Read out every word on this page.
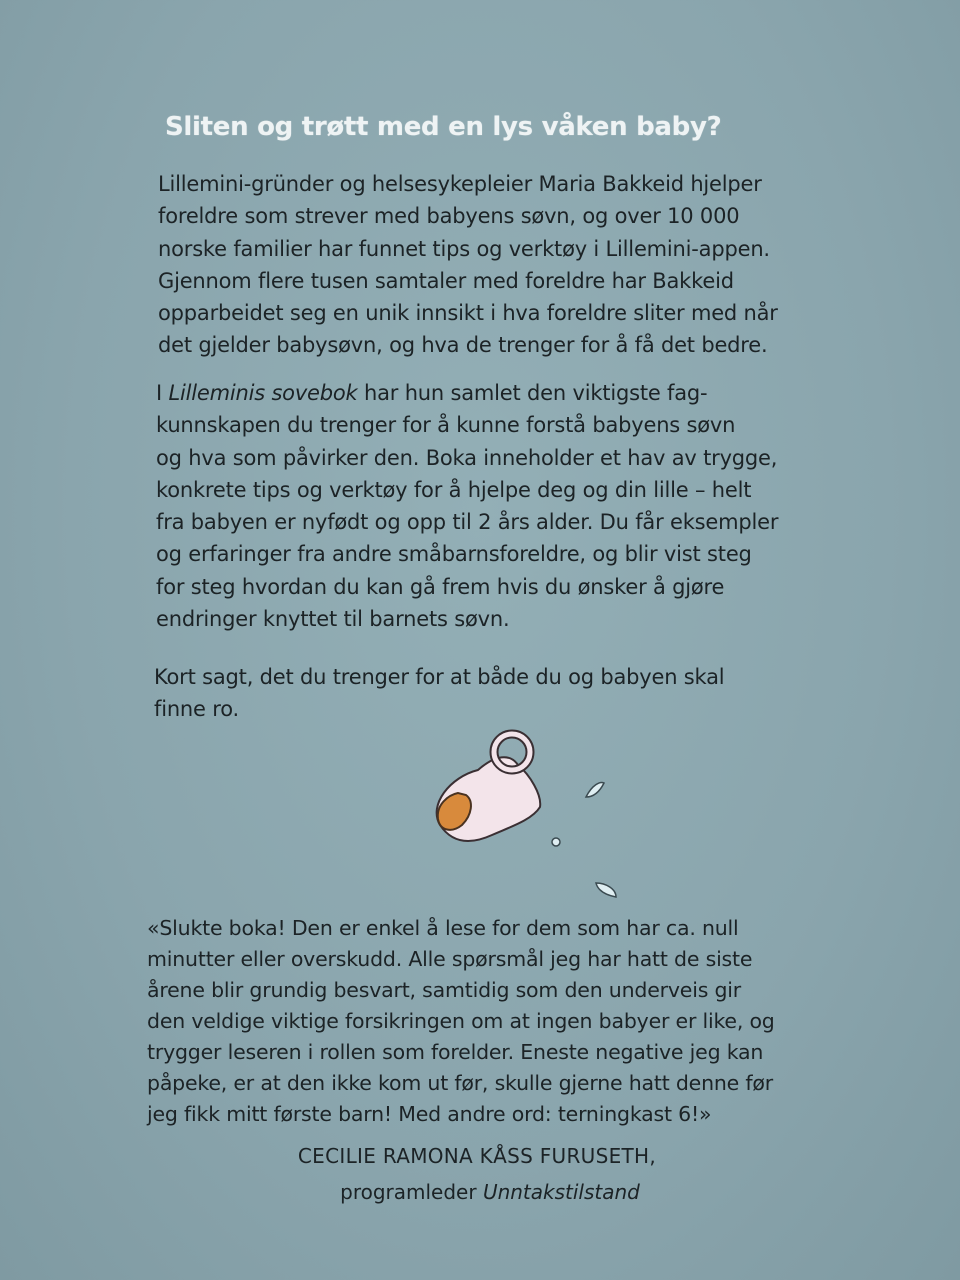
Sliten og trøtt med en lys våken baby?
Lillemini-gründer og helsesykepleier Maria Bakkeid hjelper
foreldre som strever med babyens søvn, og over 10 000
norske familier har funnet tips og verktøy i Lillemini-appen.
Gjennom flere tusen samtaler med foreldre har Bakkeid
opparbeidet seg en unik innsikt i hva foreldre sliter med når
det gjelder babysøvn, og hva de trenger for å få det bedre.
I Lilleminis sovebok har hun samlet den viktigste fag-
kunnskapen du trenger for å kunne forstå babyens søvn
og hva som påvirker den. Boka inneholder et hav av trygge,
konkrete tips og verktøy for å hjelpe deg og din lille – helt
fra babyen er nyfødt og opp til 2 års alder. Du får eksempler
og erfaringer fra andre småbarnsforeldre, og blir vist steg
for steg hvordan du kan gå frem hvis du ønsker å gjøre
endringer knyttet til barnets søvn.
Kort sagt, det du trenger for at både du og babyen skal
finne ro.
«Slukte boka! Den er enkel å lese for dem som har ca. null
minutter eller overskudd. Alle spørsmål jeg har hatt de siste
årene blir grundig besvart, samtidig som den underveis gir
den veldige viktige forsikringen om at ingen babyer er like, og
trygger leseren i rollen som forelder. Eneste negative jeg kan
påpeke, er at den ikke kom ut før, skulle gjerne hatt denne før
jeg fikk mitt første barn! Med andre ord: terningkast 6!»
CECILIE RAMONA KÅSS FURUSETH,
programleder Unntakstilstand
